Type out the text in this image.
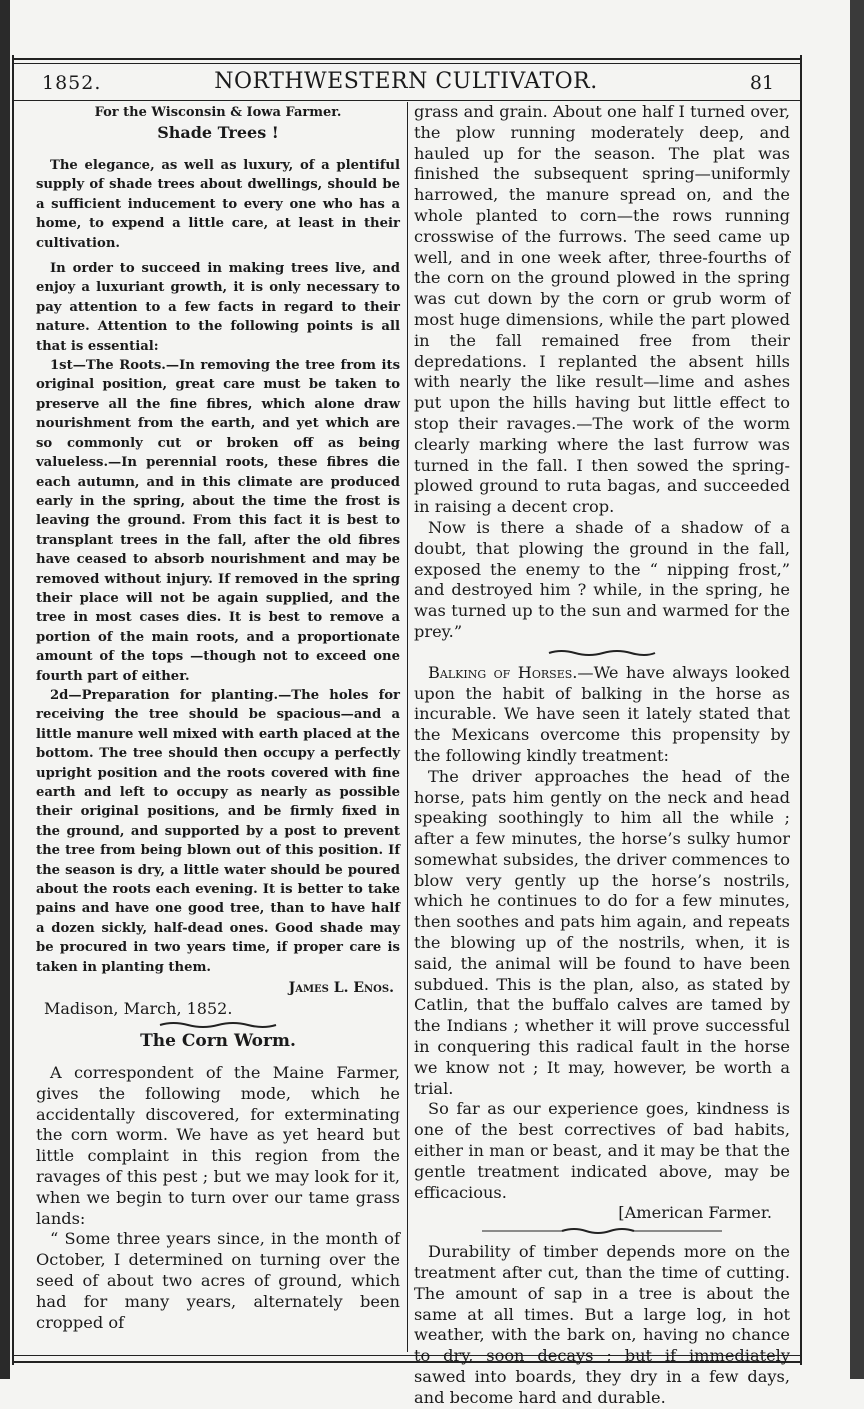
1852.	NORTHWESTERN CULTIVATOR.	81
For the Wisconsin & Iowa Farmer.
Shade Trees !

The elegance, as well as luxury, of a plentiful supply of shade trees about dwellings, should be a sufficient inducement to every one who has a home, to expend a little care, at least in their cultivation.

In order to succeed in making trees live, and enjoy a luxuriant growth, it is only necessary to pay attention to a few facts in regard to their nature. Attention to the following points is all that is essential:

1st—The Roots.—In removing the tree from its original position, great care must be taken to preserve all the fine fibres, which alone draw nourishment from the earth, and yet which are so commonly cut or broken off as being valueless.—In perennial roots, these fibres die each autumn, and in this climate are produced early in the spring, about the time the frost is leaving the ground. From this fact it is best to transplant trees in the fall, after the old fibres have ceased to absorb nourishment and may be removed without injury. If removed in the spring their place will not be again supplied, and the tree in most cases dies. It is best to remove a portion of the main roots, and a proportionate amount of the tops —though not to exceed one fourth part of either.

2d—Preparation for planting.—The holes for receiving the tree should be spacious—and a little manure well mixed with earth placed at the bottom. The tree should then occupy a perfectly upright position and the roots covered with fine earth and left to occupy as nearly as possible their original positions, and be firmly fixed in the ground, and supported by a post to prevent the tree from being blown out of this position. If the season is dry, a little water should be poured about the roots each evening. It is better to take pains and have one good tree, than to have half a dozen sickly, half-dead ones. Good shade may be procured in two years time, if proper care is taken in planting them.

James L. Enos.

Madison, March, 1852.

The Corn Worm.

A correspondent of the Maine Farmer, gives the following mode, which he accidentally discovered, for exterminating the corn worm. We have as yet heard but little complaint in this region from the ravages of this pest ; but we may look for it, when we begin to turn over our tame grass lands:

“ Some three years since, in the month of October, I determined on turning over the seed of about two acres of ground, which had for many years, alternately been cropped of

grass and grain. About one half I turned over, the plow running moderately deep, and hauled up for the season. The plat was finished the subsequent spring—uniformly harrowed, the manure spread on, and the whole planted to corn—the rows running crosswise of the furrows. The seed came up well, and in one week after, three-fourths of the corn on the ground plowed in the spring was cut down by the corn or grub worm of most huge dimensions, while the part plowed in the fall remained free from their depredations. I replanted the absent hills with nearly the like result—lime and ashes put upon the hills having but little effect to stop their ravages.—The work of the worm clearly marking where the last furrow was turned in the fall. I then sowed the spring-plowed ground to ruta bagas, and succeeded in raising a decent crop.

Now is there a shade of a shadow of a doubt, that plowing the ground in the fall, exposed the enemy to the “ nipping frost,” and destroyed him ? while, in the spring, he was turned up to the sun and warmed for the prey.”

Balking of Horses.—We have always looked upon the habit of balking in the horse as incurable. We have seen it lately stated that the Mexicans overcome this propensity by the following kindly treatment:

The driver approaches the head of the horse, pats him gently on the neck and head speaking soothingly to him all the while ; after a few minutes, the horse’s sulky humor somewhat subsides, the driver commences to blow very gently up the horse’s nostrils, which he continues to do for a few minutes, then soothes and pats him again, and repeats the blowing up of the nostrils, when, it is said, the animal will be found to have been subdued. This is the plan, also, as stated by Catlin, that the buffalo calves are tamed by the Indians ; whether it will prove successful in conquering this radical fault in the horse we know not ; It may, however, be worth a trial.

So far as our experience goes, kindness is one of the best correctives of bad habits, either in man or beast, and it may be that the gentle treatment indicated above, may be efficacious.

[American Farmer.

Durability of timber depends more on the treatment after cut, than the time of cutting. The amount of sap in a tree is about the same at all times. But a large log, in hot weather, with the bark on, having no chance to dry, soon decays ; but if immediately sawed into boards, they dry in a few days, and become hard and durable.
